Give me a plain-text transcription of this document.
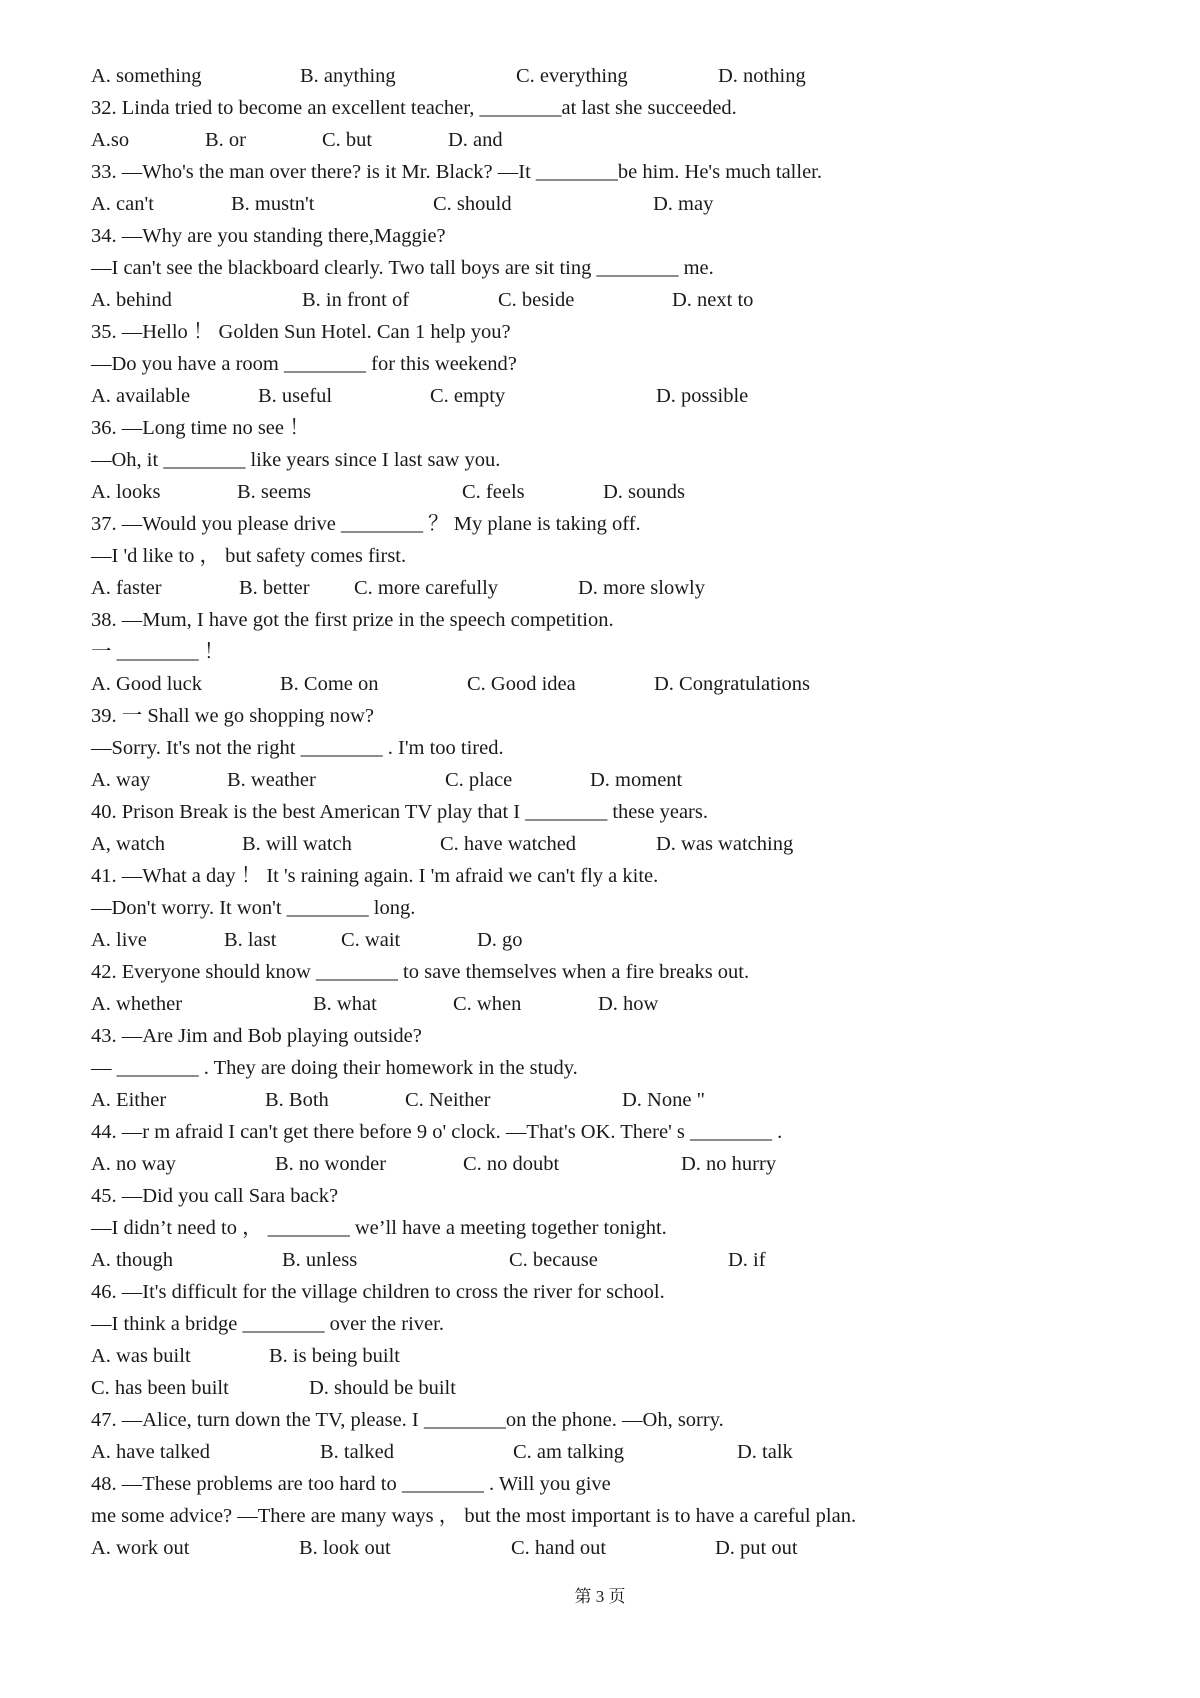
A. something	B. anything	C. everything	D. nothing
32. Linda tried to become an excellent teacher, ________at last she succeeded.
A.so	B. or	C. but	D. and
33. —Who's the man over there? is it Mr. Black? —It ________be him. He's much taller.
A. can't	B. mustn't	C. should	D. may
34. —Why are you standing there,Maggie?
—I can't see the blackboard clearly. Two tall boys are sit ting ________ me.
A. behind	B. in front of	C. beside	D. next to
35. —Hello ！ Golden Sun Hotel. Can 1 help you?
—Do you have a room ________ for this weekend?
A. available	B. useful	C. empty	D. possible
36. —Long time no see ！
—Oh, it ________ like years since I last saw you.
A. looks	B. seems	C. feels	D. sounds
37. —Would you please drive ________ ？ My plane is taking off.
—I 'd like to ， but safety comes first.
A. faster	B. better C. more carefully	D. more slowly
38. —Mum, I have got the first prize in the speech competition.
一 ________ ！
A. Good luck	B. Come on	C. Good idea	D. Congratulations
39. 一 Shall we go shopping now?
—Sorry. It's not the right ________ . I'm too tired.
A. way	B. weather	C. place	D. moment
40. Prison Break is the best American TV play that I ________ these years.
A, watch	B. will watch	C. have watched	D. was watching
41. —What a day ！ It 's raining again. I 'm afraid we can't fly a kite.
—Don't worry. It won't ________ long.
A. live	B. last	C. wait	D. go
42. Everyone should know ________ to save themselves when a fire breaks out.
A. whether	B. what	C. when	D. how
43. —Are Jim and Bob playing outside?
— ________ . They are doing their homework in the study.
A. Either	B. Both	C. Neither	D. None "
44. —r m afraid I can't get there before 9 o' clock. —That's OK. There' s ________ .
A. no way	B. no wonder	C. no doubt	D. no hurry
45. —Did you call Sara back?
—I didn’t need to ， ________ we’ll have a meeting together tonight.
A. though	B. unless	C. because	D. if
46. —It's difficult for the village children to cross the river for school.
—I think a bridge ________ over the river.
A. was built	B. is being built
C. has been built	D. should be built
47. —Alice, turn down the TV, please. I ________on the phone. —Oh, sorry.
A. have talked	B. talked	C. am talking	D. talk
48. —These problems are too hard to ________ . Will you give
me some advice? —There are many ways ， but the most important is to have a careful plan.
A. work out	B. look out	C. hand out	D. put out
第 3 页
